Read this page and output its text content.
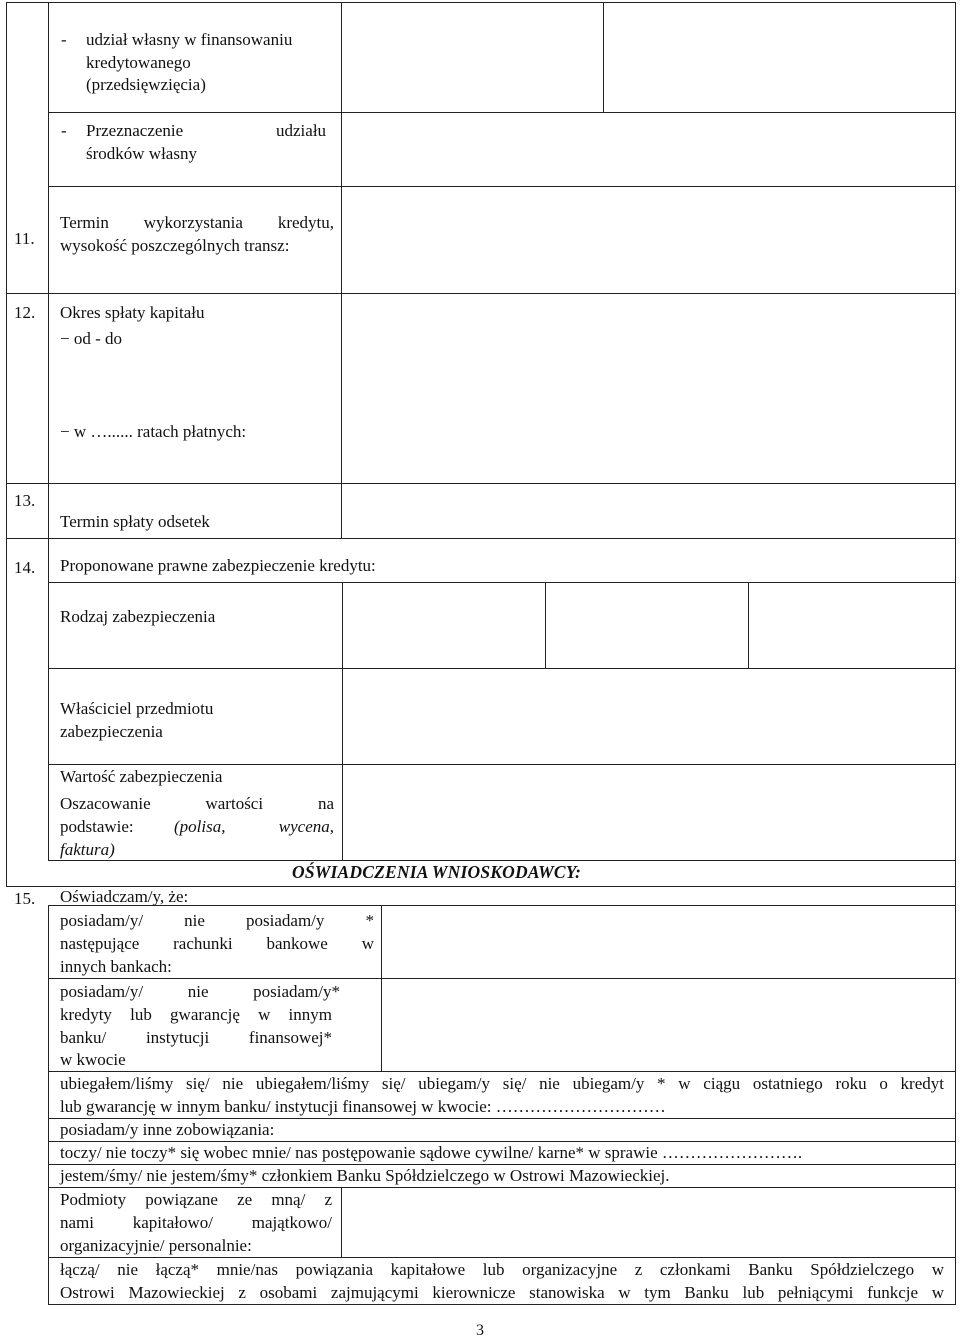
- udział własny w finansowaniu
kredytowanego
(przedsięwzięcia)
- Przeznaczenie	udziału
środków własny
11.
Termin wykorzystania kredytu,
wysokość poszczególnych transz:
12. Okres spłaty kapitału
− od - do
− w …...... ratach płatnych:
13.
Termin spłaty odsetek
14. Proponowane prawne zabezpieczenie kredytu:
Rodzaj zabezpieczenia
Właściciel przedmiotu
zabezpieczenia
Wartość zabezpieczenia
Oszacowanie wartości na
podstawie: (polisa, wycena,
faktura)
OŚWIADCZENIA WNIOSKODAWCY:
15. Oświadczam/y, że:
posiadam/y/ nie posiadam/y *
następujące rachunki bankowe w
innych bankach:
posiadam/y/ nie posiadam/y*
kredyty lub gwarancję w innym
banku/ instytucji finansowej*
w kwocie
ubiegałem/liśmy się/ nie ubiegałem/liśmy się/ ubiegam/y się/ nie ubiegam/y * w ciągu ostatniego roku o kredyt
lub gwarancję w innym banku/ instytucji finansowej w kwocie: …………………………
posiadam/y inne zobowiązania:
toczy/ nie toczy* się wobec mnie/ nas postępowanie sądowe cywilne/ karne* w sprawie …………………….
jestem/śmy/ nie jestem/śmy* członkiem Banku Spółdzielczego w Ostrowi Mazowieckiej.
Podmioty powiązane ze mną/ z
nami kapitałowo/ majątkowo/
organizacyjnie/ personalnie:
łączą/ nie łączą* mnie/nas powiązania kapitałowe lub organizacyjne z członkami Banku Spółdzielczego w
Ostrowi Mazowieckiej z osobami zajmującymi kierownicze stanowiska w tym Banku lub pełniącymi funkcje w
3
